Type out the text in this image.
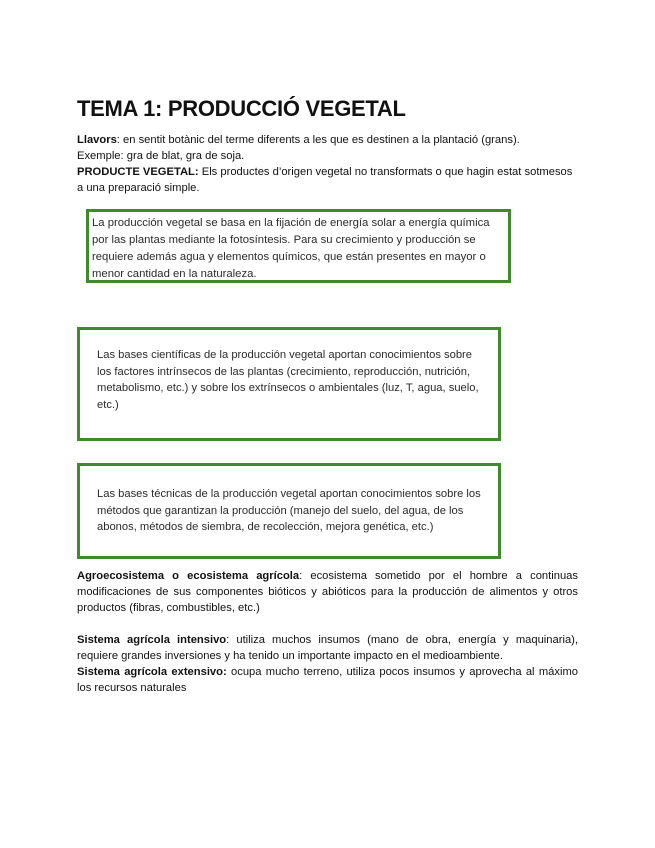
TEMA 1: PRODUCCIÓ VEGETAL

Llavors: en sentit botànic del terme diferents a les que es destinen a la plantació (grans).

Exemple: gra de blat, gra de soja.

PRODUCTE VEGETAL: Els productes d’origen vegetal no transformats o que hagin estat sotmesos a una preparació simple.

La producción vegetal se basa en la fijación de energía solar a energía química por las plantas mediante la fotosíntesis. Para su crecimiento y producción se requiere además agua y elementos químicos, que están presentes en mayor o menor cantidad en la naturaleza.
Las bases científicas de la producción vegetal aportan conocimientos sobre los factores intrínsecos de las plantas (crecimiento, reproducción, nutrición, metabolismo, etc.) y sobre los extrínsecos o ambientales (luz, T, agua, suelo, etc.)
Las bases técnicas de la producción vegetal aportan conocimientos sobre los métodos que garantizan la producción (manejo del suelo, del agua, de los abonos, métodos de siembra, de recolección, mejora genética, etc.)

Agroecosistema o ecosistema agrícola: ecosistema sometido por el hombre a continuas modificaciones de sus componentes bióticos y abióticos para la producción de alimentos y otros productos (fibras, combustibles, etc.)

Sistema agrícola intensivo: utiliza muchos insumos (mano de obra, energía y maquinaria), requiere grandes inversiones y ha tenido un importante impacto en el medioambiente.

Sistema agrícola extensivo: ocupa mucho terreno, utiliza pocos insumos y aprovecha al máximo los recursos naturales
